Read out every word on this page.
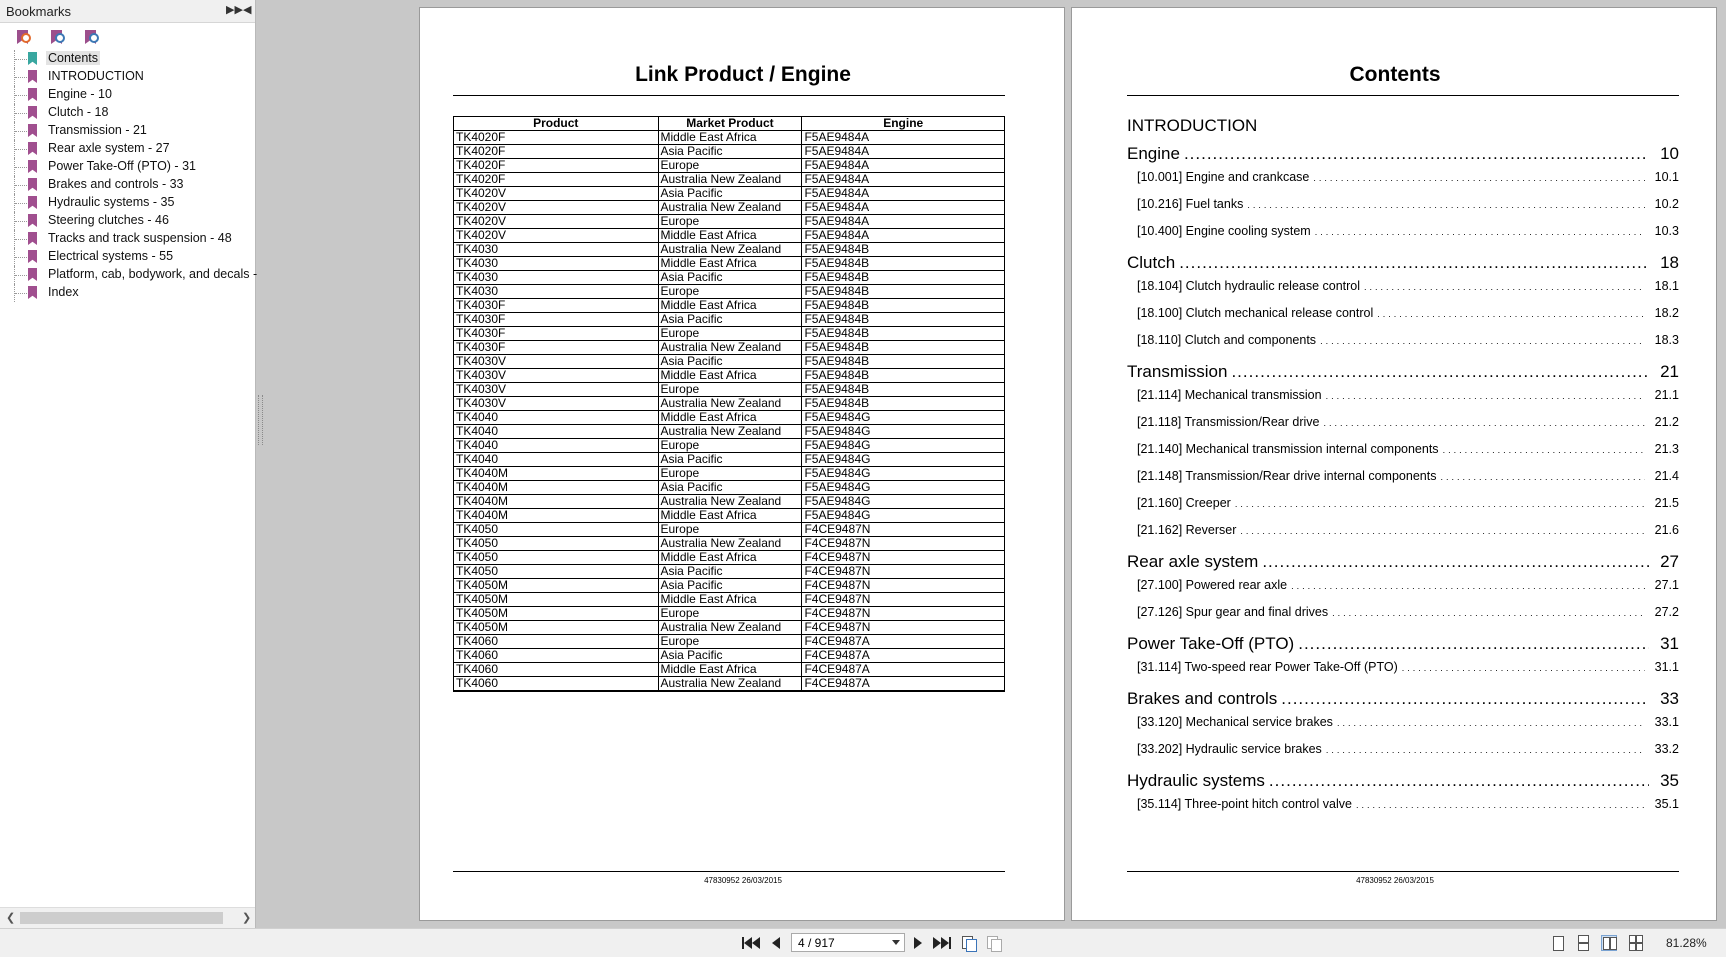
Bookmarks	▶▶ ◀
Contents
INTRODUCTION
Engine - 10
Clutch - 18
Transmission - 21
Rear axle system - 27
Power Take-Off (PTO) - 31
Brakes and controls - 33
Hydraulic systems - 35
Steering clutches - 46
Tracks and track suspension - 48
Electrical systems - 55
Platform, cab, bodywork, and decals -
Index
❮	❯
Link Product / Engine
Product	Market Product	Engine
TK4020F	Middle East Africa	F5AE9484A
TK4020F	Asia Pacific	F5AE9484A
TK4020F	Europe	F5AE9484A
TK4020F	Australia New Zealand	F5AE9484A
TK4020V	Asia Pacific	F5AE9484A
TK4020V	Australia New Zealand	F5AE9484A
TK4020V	Europe	F5AE9484A
TK4020V	Middle East Africa	F5AE9484A
TK4030	Australia New Zealand	F5AE9484B
TK4030	Middle East Africa	F5AE9484B
TK4030	Asia Pacific	F5AE9484B
TK4030	Europe	F5AE9484B
TK4030F	Middle East Africa	F5AE9484B
TK4030F	Asia Pacific	F5AE9484B
TK4030F	Europe	F5AE9484B
TK4030F	Australia New Zealand	F5AE9484B
TK4030V	Asia Pacific	F5AE9484B
TK4030V	Middle East Africa	F5AE9484B
TK4030V	Europe	F5AE9484B
TK4030V	Australia New Zealand	F5AE9484B
TK4040	Middle East Africa	F5AE9484G
TK4040	Australia New Zealand	F5AE9484G
TK4040	Europe	F5AE9484G
TK4040	Asia Pacific	F5AE9484G
TK4040M	Europe	F5AE9484G
TK4040M	Asia Pacific	F5AE9484G
TK4040M	Australia New Zealand	F5AE9484G
TK4040M	Middle East Africa	F5AE9484G
TK4050	Europe	F4CE9487N
TK4050	Australia New Zealand	F4CE9487N
TK4050	Middle East Africa	F4CE9487N
TK4050	Asia Pacific	F4CE9487N
TK4050M	Asia Pacific	F4CE9487N
TK4050M	Middle East Africa	F4CE9487N
TK4050M	Europe	F4CE9487N
TK4050M	Australia New Zealand	F4CE9487N
TK4060	Europe	F4CE9487A
TK4060	Asia Pacific	F4CE9487A
TK4060	Middle East Africa	F4CE9487A
TK4060	Australia New Zealand	F4CE9487A
47830952 26/03/2015
Contents
INTRODUCTION
Engine .....	10
[10.001] Engine and crankcase .....	10.1
[10.216] Fuel tanks .....	10.2
[10.400] Engine cooling system .....	10.3
Clutch .....	18
[18.104] Clutch hydraulic release control .....	18.1
[18.100] Clutch mechanical release control .....	18.2
[18.110] Clutch and components .....	18.3
Transmission .....	21
[21.114] Mechanical transmission .....	21.1
[21.118] Transmission/Rear drive .....	21.2
[21.140] Mechanical transmission internal components .....	21.3
[21.148] Transmission/Rear drive internal components .....	21.4
[21.160] Creeper .....	21.5
[21.162] Reverser .....	21.6
Rear axle system .....	27
[27.100] Powered rear axle .....	27.1
[27.126] Spur gear and final drives .....	27.2
Power Take-Off (PTO) .....	31
[31.114] Two-speed rear Power Take-Off (PTO) .....	31.1
Brakes and controls .....	33
[33.120] Mechanical service brakes .....	33.1
[33.202] Hydraulic service brakes .....	33.2
Hydraulic systems .....	35
[35.114] Three-point hitch control valve .....	35.1
47830952 26/03/2015
4 / 917	81.28%
